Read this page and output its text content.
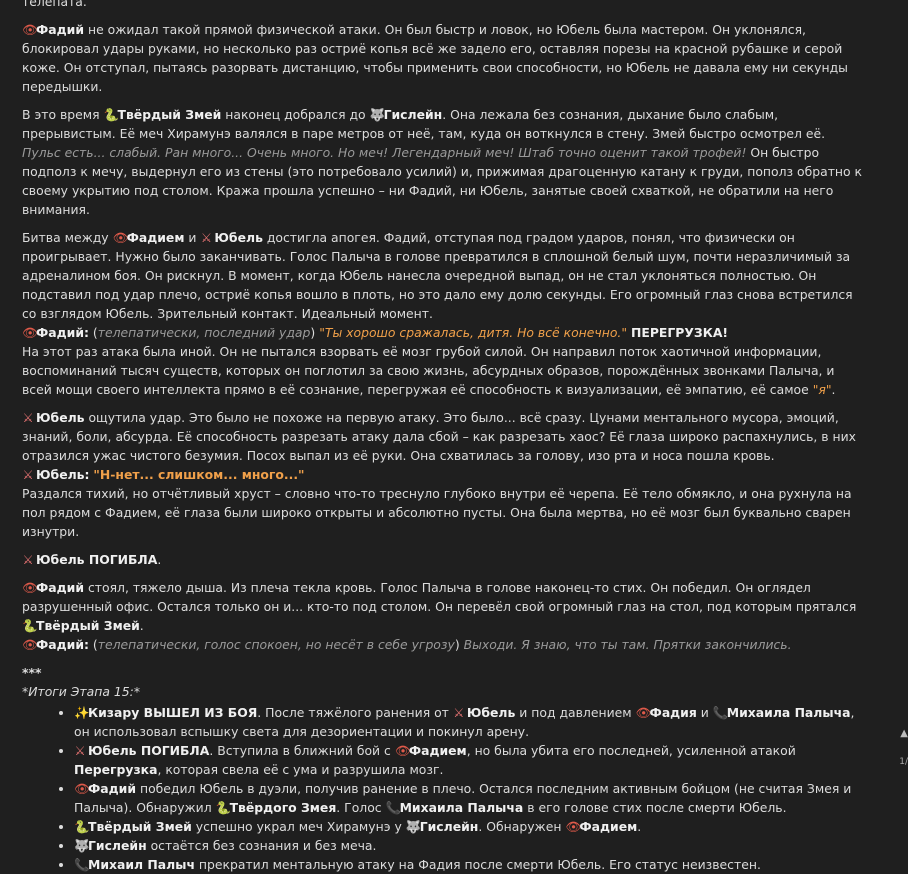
телепата.

👁Фадий не ожидал такой прямой физической атаки. Он был быстр и ловок, но Юбель была мастером. Он уклонялся, блокировал удары руками, но несколько раз остриё копья всё же задело его, оставляя порезы на красной рубашке и серой коже. Он отступал, пытаясь разорвать дистанцию, чтобы применить свои способности, но Юбель не давала ему ни секунды передышки.

В это время 🐍Твёрдый Змей наконец добрался до 🐺Гислейн. Она лежала без сознания, дыхание было слабым, прерывистым. Её меч Хирамунэ валялся в паре метров от неё, там, куда он воткнулся в стену. Змей быстро осмотрел её. Пульс есть... слабый. Ран много... Очень много. Но меч! Легендарный меч! Штаб точно оценит такой трофей! Он быстро подполз к мечу, выдернул его из стены (это потребовало усилий) и, прижимая драгоценную катану к груди, пополз обратно к своему укрытию под столом. Кража прошла успешно – ни Фадий, ни Юбель, занятые своей схваткой, не обратили на него внимания.

Битва между 👁Фадием и ⚔ Юбель достигла апогея. Фадий, отступая под градом ударов, понял, что физически он проигрывает. Нужно было заканчивать. Голос Палыча в голове превратился в сплошной белый шум, почти неразличимый за адреналином боя. Он рискнул. В момент, когда Юбель нанесла очередной выпад, он не стал уклоняться полностью. Он подставил под удар плечо, остриё копья вошло в плоть, но это дало ему долю секунды. Его огромный глаз снова встретился со взглядом Юбель. Зрительный контакт. Идеальный момент.
👁Фадий: (телепатически, последний удар) "Ты хорошо сражалась, дитя. Но всё конечно." ПЕРЕГРУЗКА!
На этот раз атака была иной. Он не пытался взорвать её мозг грубой силой. Он направил поток хаотичной информации, воспоминаний тысяч существ, которых он поглотил за свою жизнь, абсурдных образов, порождённых звонками Палыча, и всей мощи своего интеллекта прямо в её сознание, перегружая её способность к визуализации, её эмпатию, её самое "я".

⚔ Юбель ощутила удар. Это было не похоже на первую атаку. Это было... всё сразу. Цунами ментального мусора, эмоций, знаний, боли, абсурда. Её способность разрезать атаку дала сбой – как разрезать хаос? Её глаза широко распахнулись, в них отразился ужас чистого безумия. Посох выпал из её руки. Она схватилась за голову, изо рта и носа пошла кровь.
⚔ Юбель: "Н-нет... слишком... много..."
Раздался тихий, но отчётливый хруст – словно что-то треснуло глубоко внутри её черепа. Её тело обмякло, и она рухнула на пол рядом с Фадием, её глаза были широко открыты и абсолютно пусты. Она была мертва, но её мозг был буквально сварен изнутри.

⚔ Юбель ПОГИБЛА.

👁Фадий стоял, тяжело дыша. Из плеча текла кровь. Голос Палыча в голове наконец-то стих. Он победил. Он оглядел разрушенный офис. Остался только он и... кто-то под столом. Он перевёл свой огромный глаз на стол, под которым прятался 🐍Твёрдый Змей.
👁Фадий: (телепатически, голос спокоен, но несёт в себе угрозу) Выходи. Я знаю, что ты там. Прятки закончились.

***

*Итоги Этапа 15:*

• ✨Кизару ВЫШЕЛ ИЗ БОЯ. После тяжёлого ранения от ⚔ Юбель и под давлением 👁Фадия и 📞Михаила Палыча, он использовал вспышку света для дезориентации и покинул арену.
• ⚔ Юбель ПОГИБЛА. Вступила в ближний бой с 👁Фадием, но была убита его последней, усиленной атакой Перегрузка, которая свела её с ума и разрушила мозг.
• 👁Фадий победил Юбель в дуэли, получив ранение в плечо. Остался последним активным бойцом (не считая Змея и Палыча). Обнаружил 🐍Твёрдого Змея. Голос 📞Михаила Палыча в его голове стих после смерти Юбель.
• 🐍Твёрдый Змей успешно украл меч Хирамунэ у 🐺Гислейн. Обнаружен 👁Фадием.
• 🐺Гислейн остаётся без сознания и без меча.
• 📞Михаил Палыч прекратил ментальную атаку на Фадия после смерти Юбель. Его статус неизвестен.
▲
1/
